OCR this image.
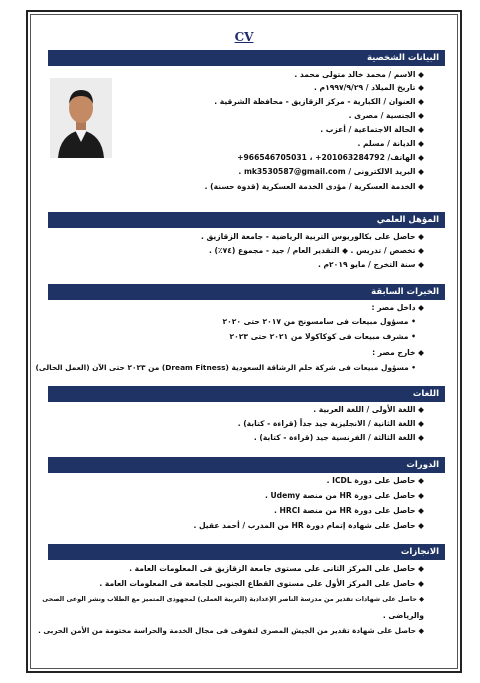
CV
البيانات الشخصية
◆ الاسم / محمد خالد متولى محمد .
◆ تاريخ الميلاد / ١٩٩٧/٩/٢٩م .
◆ العنوان / الكبارية - مركز الزقازيق - محافظة الشرقية .
◆ الجنسية / مصرى .
◆ الحالة الاجتماعية / أعزب .
◆ الديانة / مسلم .
◆ الهاتف/ 201063284792+ ، 966546705031+
◆ البريد الالكترونى / mk3530587@gmail.com .
◆ الخدمة العسكرية / مؤدى الخدمة العسكرية (قدوة حسنة) .
المؤهل العلمي
◆ حاصل على بكالوريوس التربية الرياضية - جامعة الزقازيق .
◆ تخصص / تدريس . ◆ التقدير العام / جيد - مجموع (٧٤٪) .
◆ سنة التخرج / مايو ٢٠١٩م .
الخبرات السابقة
◆ داخل مصر :
• مسؤول مبيعات فى سامسونج من ٢٠١٧ حتى ٢٠٢٠
• مشرف مبيعات فى كوكاكولا من ٢٠٢١ حتى ٢٠٢٣
◆ خارج مصر :
• مسؤول مبيعات فى شركة حلم الرشاقة السعودية (Dream Fitness) من ٢٠٢٣ حتى الآن (العمل الحالى)
اللغات
◆ اللغة الأولى / اللغة العربية .
◆ اللغة الثانية / الانجليزية جيد جداً (قراءة - كتابة) .
◆ اللغة الثالثة / الفرنسية جيد (قراءة - كتابة) .
الدورات
◆ حاصل على دورة ICDL .
◆ حاصل على دورة HR من منصة Udemy .
◆ حاصل على دورة HR من منصة HRCI .
◆ حاصل على شهادة إتمام دورة HR من المدرب / أحمد عقيل .
الانجازات
◆ حاصل على المركز الثانى على مستوى جامعة الزقازيق فى المعلومات العامة .
◆ حاصل على المركز الأول على مستوى القطاع الجنوبى للجامعة فى المعلومات العامة .
◆ حاصل على شهادات تقدير من مدرسة الناصر الإعدادية (التربية العملى) لمجهودى المتميز مع الطلاب ونشر الوعى الصحى
والرياضى .
◆ حاصل على شهادة تقدير من الجيش المصرى لتفوقى فى مجال الخدمة والحراسة مختومة من الأمن الحربى .
